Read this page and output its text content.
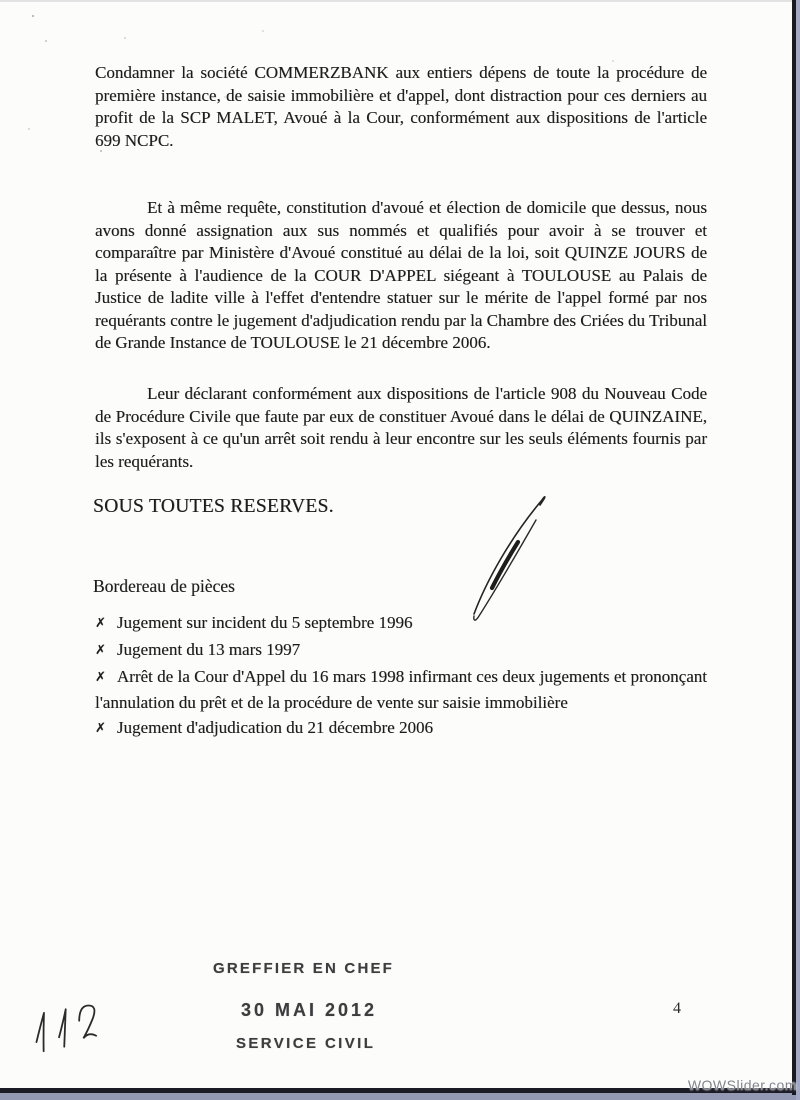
Condamner la société COMMERZBANK aux entiers dépens de toute la procédure de première instance, de saisie immobilière et d'appel, dont distraction pour ces derniers au profit de la SCP MALET, Avoué à la Cour, conformément aux dispositions de l'article 699 NCPC.

Et à même requête, constitution d'avoué et élection de domicile que dessus, nous avons donné assignation aux sus nommés et qualifiés pour avoir à se trouver et comparaître par Ministère d'Avoué constitué au délai de la loi, soit QUINZE JOURS de la présente à l'audience de la COUR D'APPEL siégeant à TOULOUSE au Palais de Justice de ladite ville à l'effet d'entendre statuer sur le mérite de l'appel formé par nos requérants contre le jugement d'adjudication rendu par la Chambre des Criées du Tribunal de Grande Instance de TOULOUSE le 21 décembre 2006.

Leur déclarant conformément aux dispositions de l'article 908 du Nouveau Code de Procédure Civile que faute par eux de constituer Avoué dans le délai de QUINZAINE, ils s'exposent à ce qu'un arrêt soit rendu à leur encontre sur les seuls éléments fournis par les requérants.

SOUS TOUTES RESERVES.

Bordereau de pièces

✗ Jugement sur incident du 5 septembre 1996

✗ Jugement du 13 mars 1997

✗ Arrêt de la Cour d'Appel du 16 mars 1998 infirmant ces deux jugements et prononçant l'annulation du prêt et de la procédure de vente sur saisie immobilière

✗ Jugement d'adjudication du 21 décembre 2006

GREFFIER EN CHEF
30 MAI 2012
SERVICE CIVIL
4
WOWSlider.com
